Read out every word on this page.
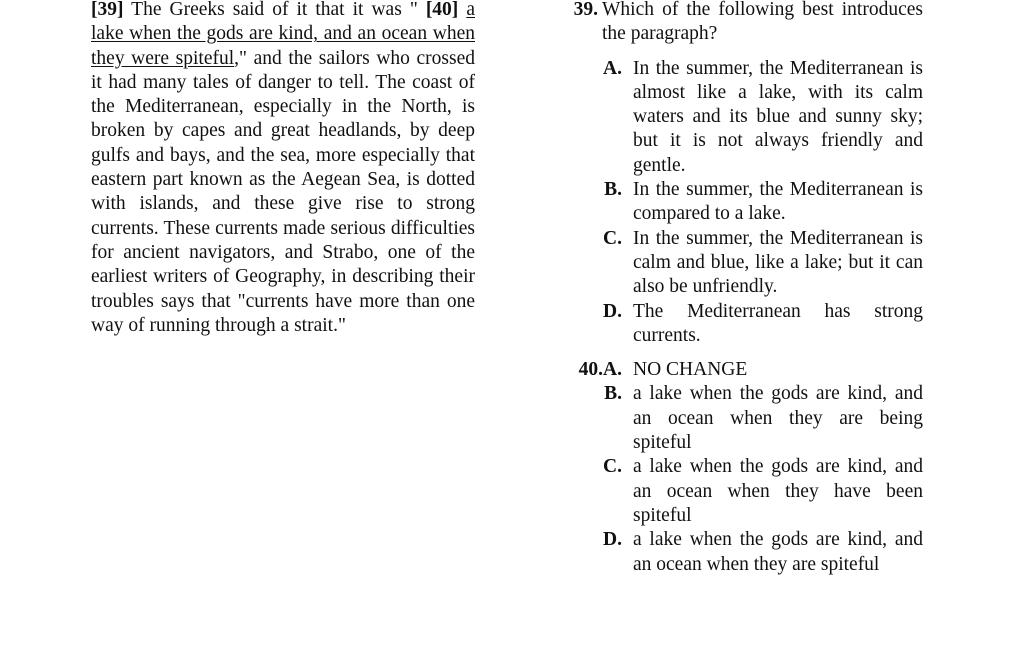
[39] The Greeks said of it that it was " [40] a lake when the gods are kind, and an ocean when they were spiteful," and the sailors who crossed it had many tales of danger to tell. The coast of the Mediterranean, especially in the North, is broken by capes and great headlands, by deep gulfs and bays, and the sea, more especially that eastern part known as the Aegean Sea, is dotted with islands, and these give rise to strong currents. These currents made serious difficulties for ancient navigators, and Strabo, one of the earliest writers of Geography, in describing their troubles says that "currents have more than one way of running through a strait."

39. Which of the following best introduces the paragraph?
A. In the summer, the Mediterranean is almost like a lake, with its calm waters and its blue and sunny sky; but it is not always friendly and gentle.
B. In the summer, the Mediterranean is compared to a lake.
C. In the summer, the Mediterranean is calm and blue, like a lake; but it can also be unfriendly.
D. The Mediterranean has strong currents.
40.A. NO CHANGE
B. a lake when the gods are kind, and an ocean when they are being spiteful
C. a lake when the gods are kind, and an ocean when they have been spiteful
D. a lake when the gods are kind, and an ocean when they are spiteful
